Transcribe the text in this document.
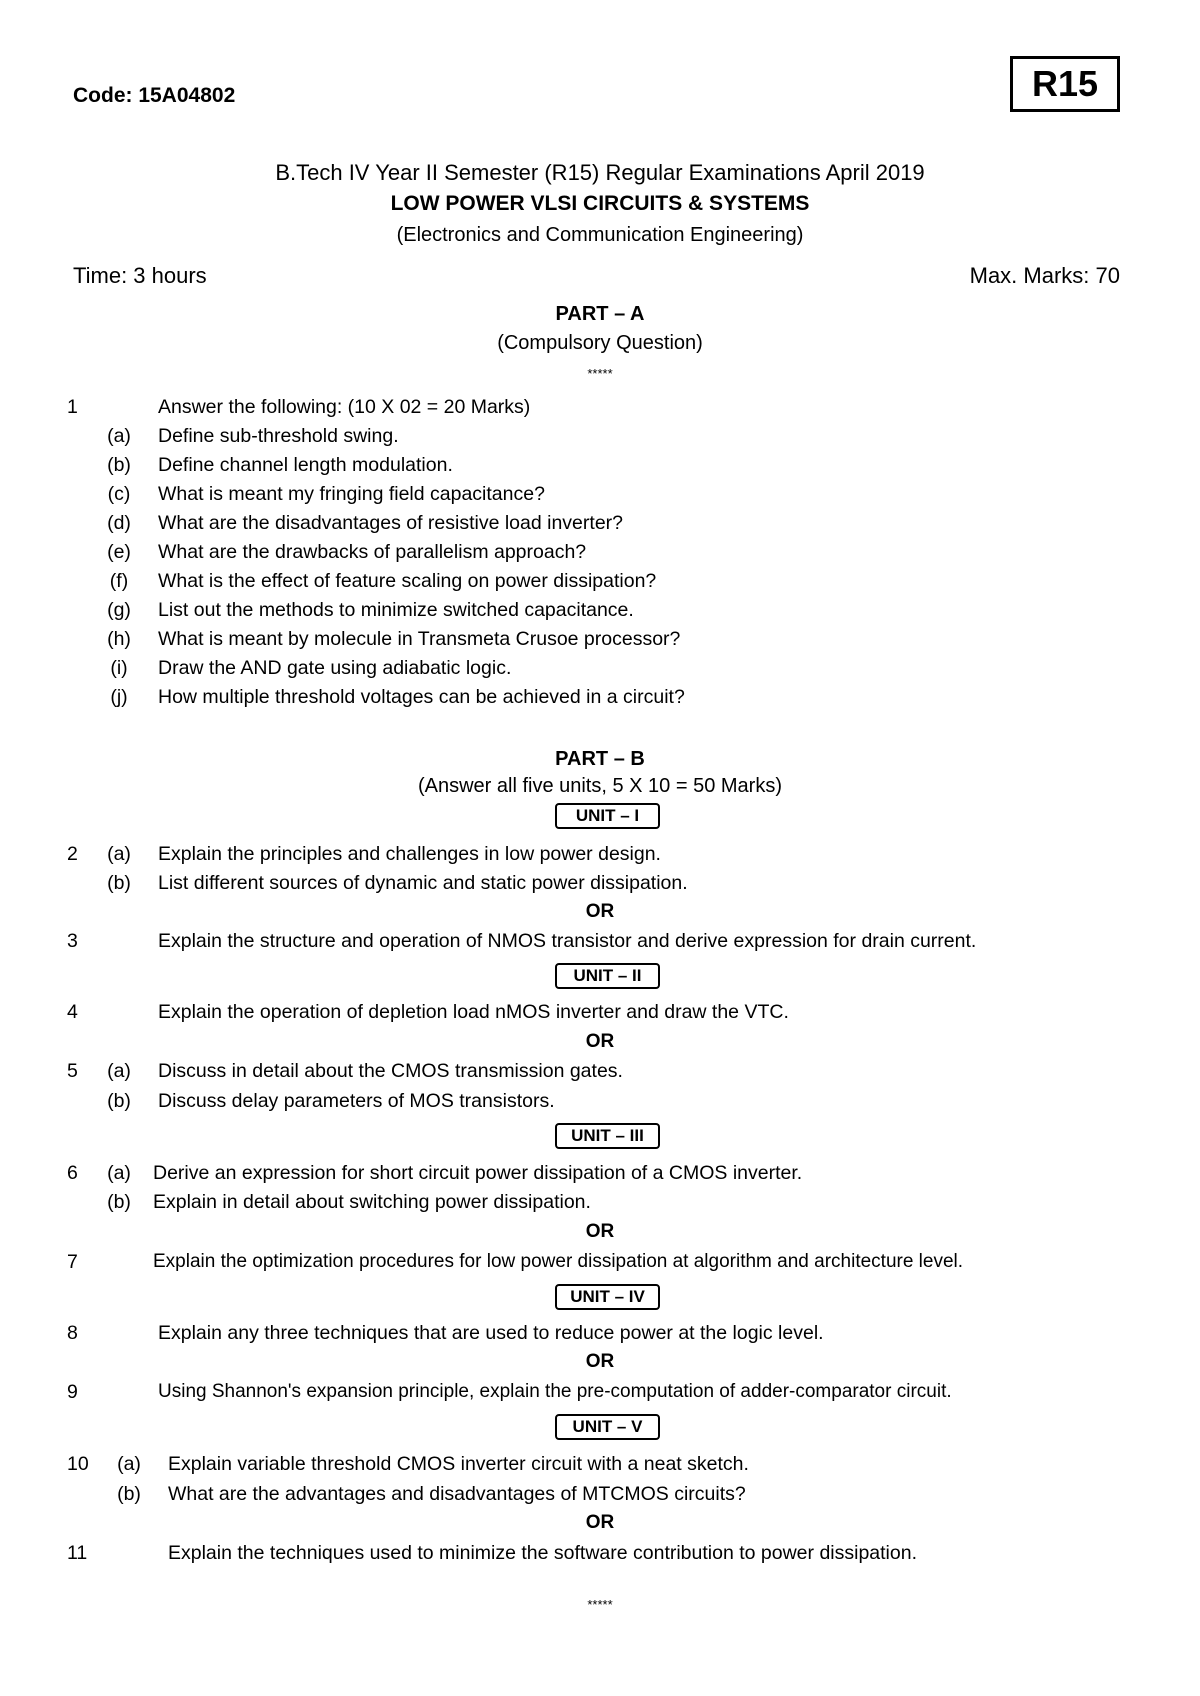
Code: 15A04802	R15
B.Tech IV Year II Semester (R15) Regular Examinations April 2019
LOW POWER VLSI CIRCUITS & SYSTEMS
(Electronics and Communication Engineering)
Time: 3 hours	Max. Marks: 70
PART – A
(Compulsory Question)
*****
1	Answer the following: (10 X 02 = 20 Marks)
(a) Define sub-threshold swing.
(b) Define channel length modulation.
(c) What is meant my fringing field capacitance?
(d) What are the disadvantages of resistive load inverter?
(e) What are the drawbacks of parallelism approach?
(f) What is the effect of feature scaling on power dissipation?
(g) List out the methods to minimize switched capacitance.
(h) What is meant by molecule in Transmeta Crusoe processor?
(i)	Draw the AND gate using adiabatic logic.
(j)	How multiple threshold voltages can be achieved in a circuit?
PART – B
(Answer all five units, 5 X 10 = 50 Marks)
UNIT – I
2 (a) Explain the principles and challenges in low power design.
(b) List different sources of dynamic and static power dissipation.
OR
3	Explain the structure and operation of NMOS transistor and derive expression for drain current.
UNIT – II
4	Explain the operation of depletion load nMOS inverter and draw the VTC.
OR
5 (a) Discuss in detail about the CMOS transmission gates.
(b) Discuss delay parameters of MOS transistors.
UNIT – III
6 (a) Derive an expression for short circuit power dissipation of a CMOS inverter.
(b) Explain in detail about switching power dissipation.
OR
7	Explain the optimization procedures for low power dissipation at algorithm and architecture level.
UNIT – IV
8	Explain any three techniques that are used to reduce power at the logic level.
OR
9	Using Shannon's expansion principle, explain the pre-computation of adder-comparator circuit.
UNIT – V
10 (a) Explain variable threshold CMOS inverter circuit with a neat sketch.
(b) What are the advantages and disadvantages of MTCMOS circuits?
OR
11	Explain the techniques used to minimize the software contribution to power dissipation.
*****
